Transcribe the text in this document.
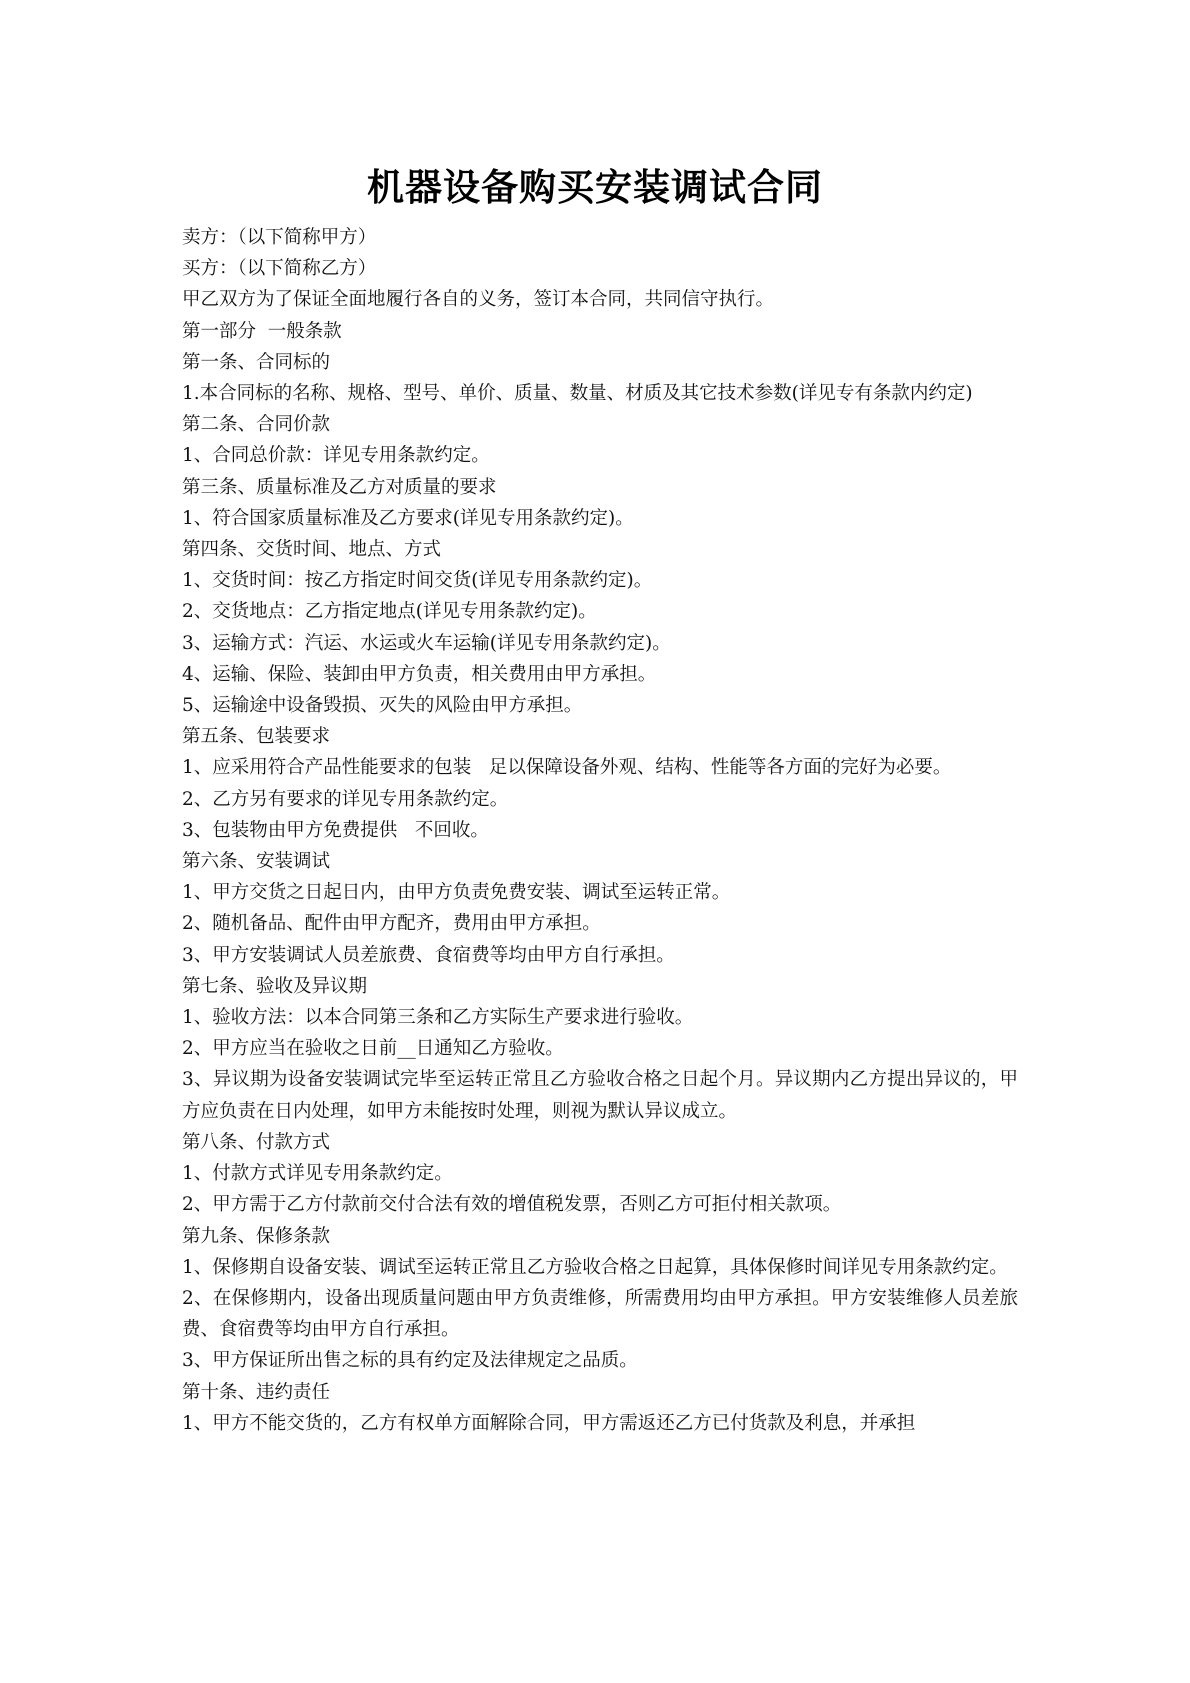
机器设备购买安装调试合同

卖方：（以下简称甲方）

买方：（以下简称乙方）

甲乙双方为了保证全面地履行各自的义务，签订本合同，共同信守执行。

第一部分  一般条款

第一条、合同标的

1.本合同标的名称、规格、型号、单价、质量、数量、材质及其它技术参数(详见专有条款内约定)

第二条、合同价款

1、合同总价款：详见专用条款约定。

第三条、质量标准及乙方对质量的要求

1、符合国家质量标准及乙方要求(详见专用条款约定)。

第四条、交货时间、地点、方式

1、交货时间：按乙方指定时间交货(详见专用条款约定)。

2、交货地点：乙方指定地点(详见专用条款约定)。

3、运输方式：汽运、水运或火车运输(详见专用条款约定)。

4、运输、保险、装卸由甲方负责，相关费用由甲方承担。

5、运输途中设备毁损、灭失的风险由甲方承担。

第五条、包装要求

1、应采用符合产品性能要求的包装   足以保障设备外观、结构、性能等各方面的完好为必要。

2、乙方另有要求的详见专用条款约定。

3、包装物由甲方免费提供   不回收。

第六条、安装调试

1、甲方交货之日起日内，由甲方负责免费安装、调试至运转正常。

2、随机备品、配件由甲方配齐，费用由甲方承担。

3、甲方安装调试人员差旅费、食宿费等均由甲方自行承担。

第七条、验收及异议期

1、验收方法：以本合同第三条和乙方实际生产要求进行验收。

2、甲方应当在验收之日前__日通知乙方验收。

3、异议期为设备安装调试完毕至运转正常且乙方验收合格之日起个月。异议期内乙方提出异议的，甲方应负责在日内处理，如甲方未能按时处理，则视为默认异议成立。

第八条、付款方式

1、付款方式详见专用条款约定。

2、甲方需于乙方付款前交付合法有效的增值税发票，否则乙方可拒付相关款项。

第九条、保修条款

1、保修期自设备安装、调试至运转正常且乙方验收合格之日起算，具体保修时间详见专用条款约定。

2、在保修期内，设备出现质量问题由甲方负责维修，所需费用均由甲方承担。甲方安装维修人员差旅费、食宿费等均由甲方自行承担。

3、甲方保证所出售之标的具有约定及法律规定之品质。

第十条、违约责任

1、甲方不能交货的，乙方有权单方面解除合同，甲方需返还乙方已付货款及利息，并承担
